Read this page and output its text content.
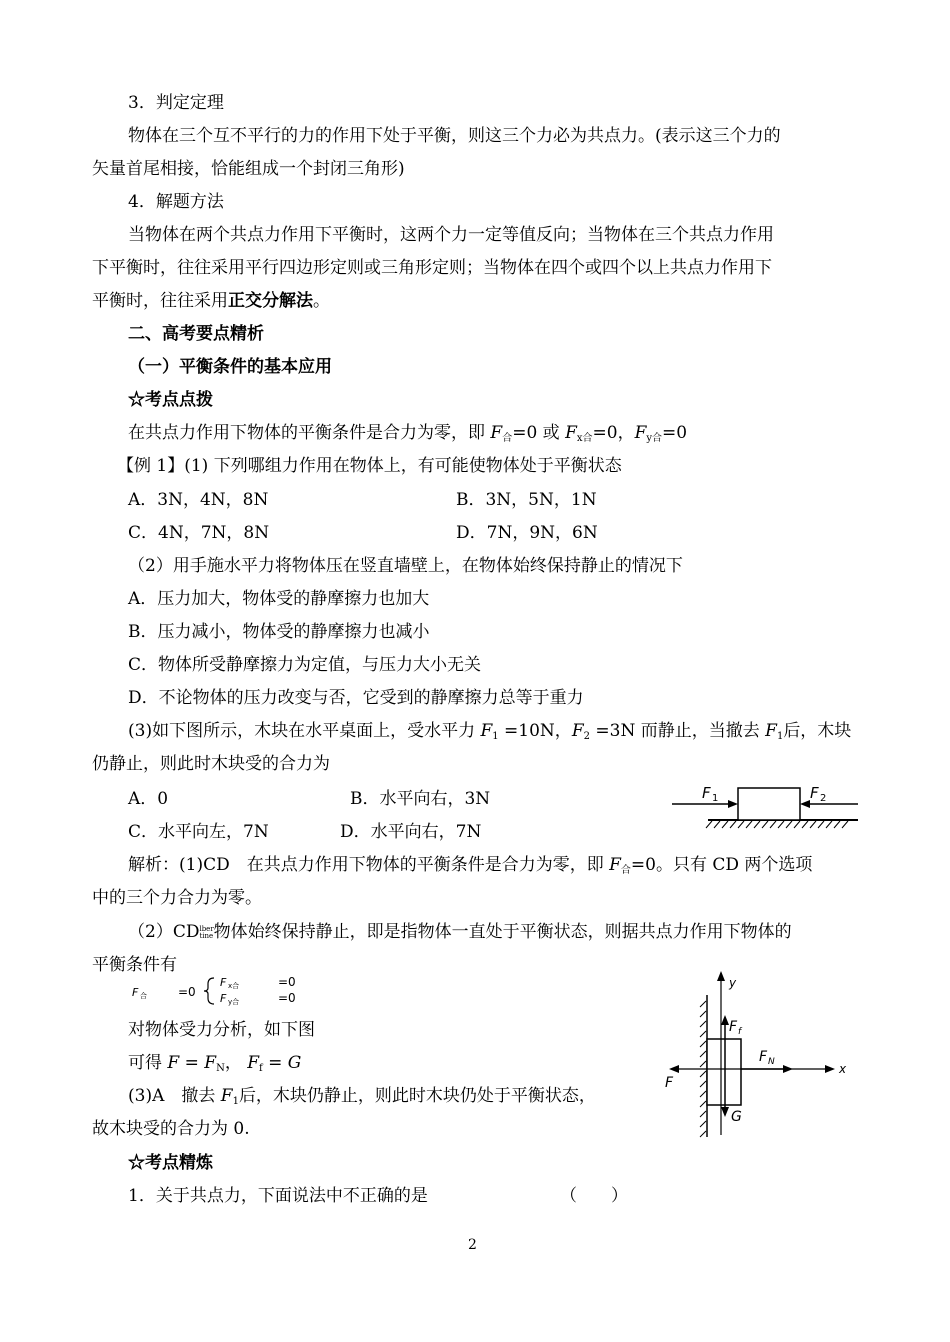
3．判定定理
物体在三个互不平行的力的作用下处于平衡，则这三个力必为共点力。(表示这三个力的
矢量首尾相接，恰能组成一个封闭三角形)
4．解题方法
当物体在两个共点力作用下平衡时，这两个力一定等值反向；当物体在三个共点力作用
下平衡时，往往采用平行四边形定则或三角形定则；当物体在四个或四个以上共点力作用下
平衡时，往往采用正交分解法。
二、高考要点精析
（一）平衡条件的基本应用
☆考点点拨
在共点力作用下物体的平衡条件是合力为零，即 $F_合=0$ 或 $F_{x合}=0$，$F_{y合}=0$
【例 1】(1) 下列哪组力作用在物体上，有可能使物体处于平衡状态
A．3N，4N，8N	B．3N，5N，1N
C．4N，7N，8N	D．7N，9N，6N
（2）用手施水平力将物体压在竖直墙壁上，在物体始终保持静止的情况下
A．压力加大，物体受的静摩擦力也加大
B．压力减小，物体受的静摩擦力也减小
C．物体所受静摩擦力为定值，与压力大小无关
D．不论物体的压力改变与否，它受到的静摩擦力总等于重力
(3)如下图所示，木块在水平桌面上，受水平力 $F_1 =10N$，$F_2 =3N$ 而静止，当撤去 $F_1$后，木块
仍静止，则此时木块受的合力为
A．0	B．水平向右，3N
C．水平向左，7N	D．水平向右，7N
F 1	F 2
解析：(1)CD　在共点力作用下物体的平衡条件是合力为零，即 $F_合=0$。只有 CD 两个选项
中的三个力合力为零。
（2）CD lber
tine 物体始终保持静止，即是指物体一直处于平衡状态，则据共点力作用下物体的
平衡条件有
F 合	=0
F x合	=0
F y合	=0
对物体受力分析，如下图
可得 $F = F_N$， $F_f = G$
(3)A　撤去 $F_1$后，木块仍静止，则此时木块仍处于平衡状态，
故木块受的合力为 0.
y
x
F f
F N
F
G
☆考点精炼
1．关于共点力，下面说法中不正确的是	（　　）
2
